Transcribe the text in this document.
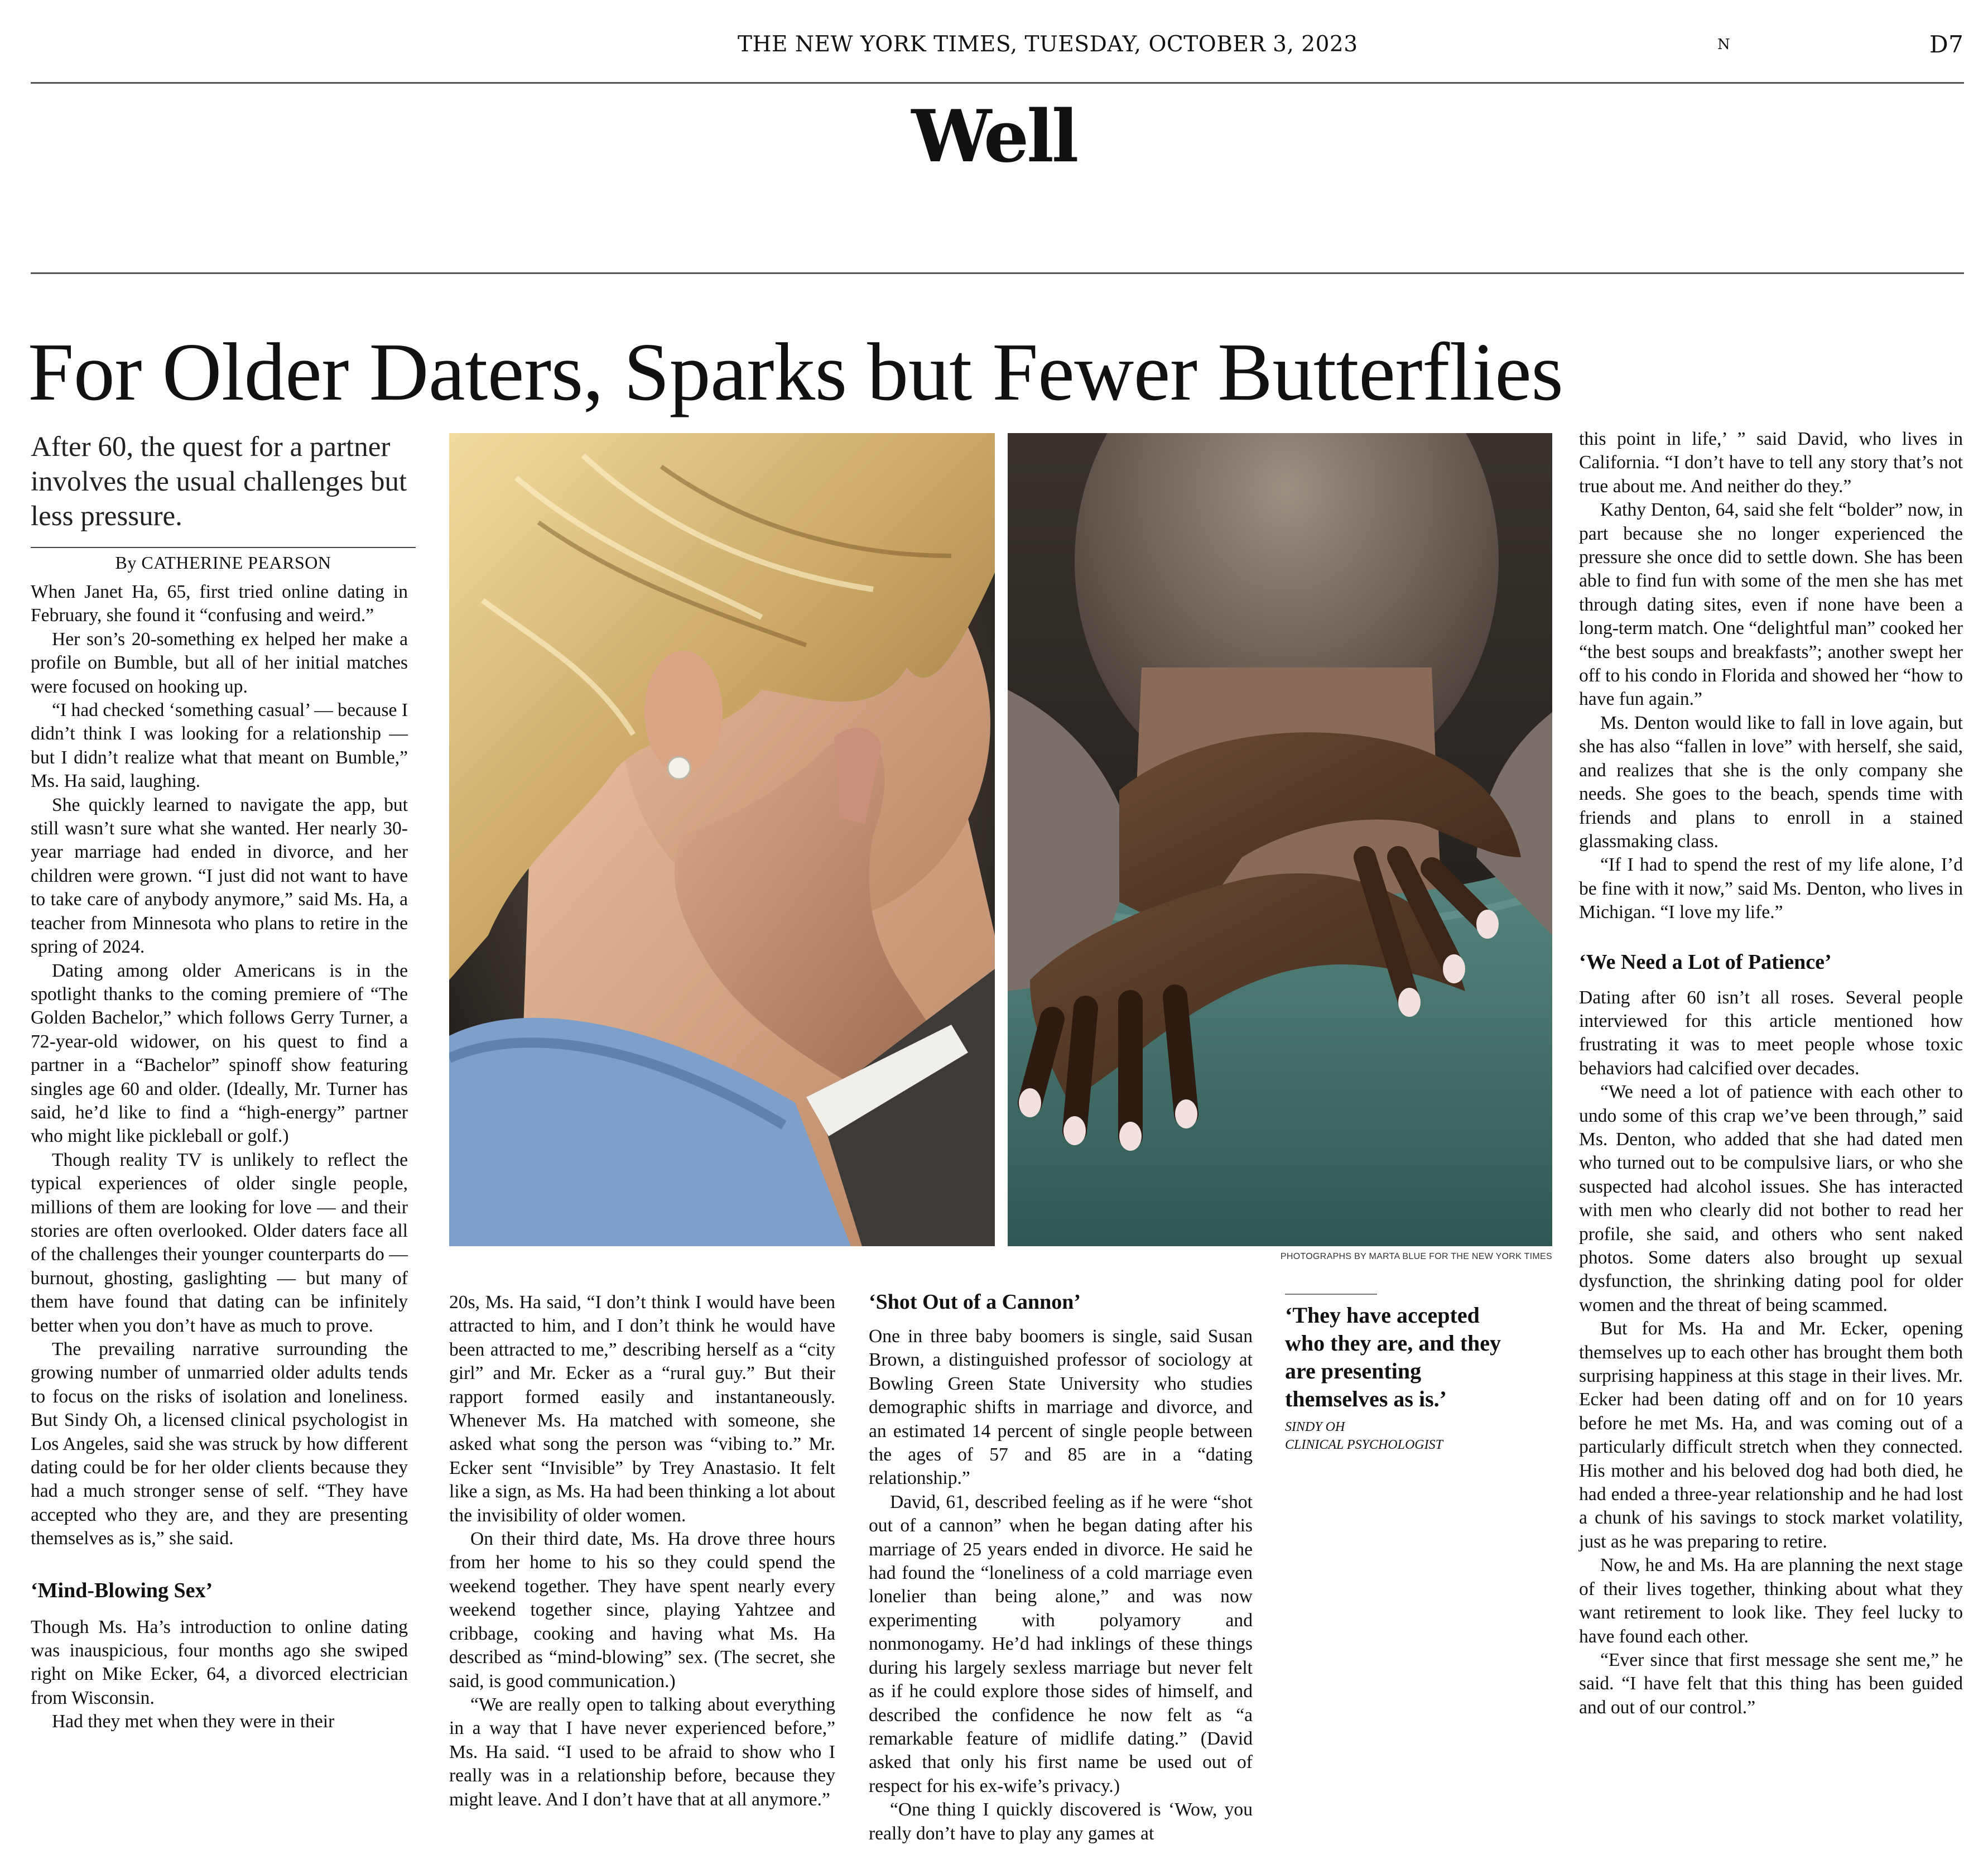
THE NEW YORK TIMES, TUESDAY, OCTOBER 3, 2023	N	D7
Well
For Older Daters, Sparks but Fewer Butterflies
After 60, the quest for a partner involves the usual challenges but less pressure.
By CATHERINE PEARSON

When Janet Ha, 65, first tried online dating in February, she found it “confusing and weird.”

Her son’s 20-something ex helped her make a profile on Bumble, but all of her initial matches were focused on hooking up.

“I had checked ‘something casual’ — because I didn’t think I was looking for a relationship — but I didn’t realize what that meant on Bumble,” Ms. Ha said, laughing.

She quickly learned to navigate the app, but still wasn’t sure what she wanted. Her nearly 30-year marriage had ended in divorce, and her children were grown. “I just did not want to have to take care of anybody anymore,” said Ms. Ha, a teacher from Minnesota who plans to retire in the spring of 2024.

Dating among older Americans is in the spotlight thanks to the coming premiere of “The Golden Bachelor,” which follows Gerry Turner, a 72-year-old widower, on his quest to find a partner in a “Bachelor” spinoff show featuring singles age 60 and older. (Ideally, Mr. Turner has said, he’d like to find a “high-energy” partner who might like pickleball or golf.)

Though reality TV is unlikely to reflect the typical experiences of older single people, millions of them are looking for love — and their stories are often overlooked. Older daters face all of the challenges their younger counterparts do — burnout, ghosting, gaslighting — but many of them have found that dating can be infinitely better when you don’t have as much to prove.

The prevailing narrative surrounding the growing number of unmarried older adults tends to focus on the risks of isolation and loneliness. But Sindy Oh, a licensed clinical psychologist in Los Angeles, said she was struck by how different dating could be for her older clients because they had a much stronger sense of self. “They have accepted who they are, and they are presenting themselves as is,” she said.

‘Mind-Blowing Sex’

Though Ms. Ha’s introduction to online dating was inauspicious, four months ago she swiped right on Mike Ecker, 64, a divorced electrician from Wisconsin.

Had they met when they were in their

PHOTOGRAPHS BY MARTA BLUE FOR THE NEW YORK TIMES

20s, Ms. Ha said, “I don’t think I would have been attracted to him, and I don’t think he would have been attracted to me,” describing herself as a “city girl” and Mr. Ecker as a “rural guy.” But their rapport formed easily and instantaneously. Whenever Ms. Ha matched with someone, she asked what song the person was “vibing to.” Mr. Ecker sent “Invisible” by Trey Anastasio. It felt like a sign, as Ms. Ha had been thinking a lot about the invisibility of older women.

On their third date, Ms. Ha drove three hours from her home to his so they could spend the weekend together. They have spent nearly every weekend together since, playing Yahtzee and cribbage, cooking and having what Ms. Ha described as “mind-blowing” sex. (The secret, she said, is good communication.)

“We are really open to talking about everything in a way that I have never experienced before,” Ms. Ha said. “I used to be afraid to show who I really was in a relationship before, because they might leave. And I don’t have that at all anymore.”

‘Shot Out of a Cannon’

One in three baby boomers is single, said Susan Brown, a distinguished professor of sociology at Bowling Green State University who studies demographic shifts in marriage and divorce, and an estimated 14 percent of single people between the ages of 57 and 85 are in a “dating relationship.”

David, 61, described feeling as if he were “shot out of a cannon” when he began dating after his marriage of 25 years ended in divorce. He said he had found the “loneliness of a cold marriage even lonelier than being alone,” and was now experimenting with polyamory and nonmonogamy. He’d had inklings of these things during his largely sexless marriage but never felt as if he could explore those sides of himself, and described the confidence he now felt as “a remarkable feature of midlife dating.” (David asked that only his first name be used out of respect for his ex-wife’s privacy.)

“One thing I quickly discovered is ‘Wow, you really don’t have to play any games at

‘They have accepted who they are, and they are presenting themselves as is.’
SINDY OH
CLINICAL PSYCHOLOGIST

this point in life,’ ” said David, who lives in California. “I don’t have to tell any story that’s not true about me. And neither do they.”

Kathy Denton, 64, said she felt “bolder” now, in part because she no longer experienced the pressure she once did to settle down. She has been able to find fun with some of the men she has met through dating sites, even if none have been a long-term match. One “delightful man” cooked her “the best soups and breakfasts”; another swept her off to his condo in Florida and showed her “how to have fun again.”

Ms. Denton would like to fall in love again, but she has also “fallen in love” with herself, she said, and realizes that she is the only company she needs. She goes to the beach, spends time with friends and plans to enroll in a stained glassmaking class.

“If I had to spend the rest of my life alone, I’d be fine with it now,” said Ms. Denton, who lives in Michigan. “I love my life.”

‘We Need a Lot of Patience’

Dating after 60 isn’t all roses. Several people interviewed for this article mentioned how frustrating it was to meet people whose toxic behaviors had calcified over decades.

“We need a lot of patience with each other to undo some of this crap we’ve been through,” said Ms. Denton, who added that she had dated men who turned out to be compulsive liars, or who she suspected had alcohol issues. She has interacted with men who clearly did not bother to read her profile, she said, and others who sent naked photos. Some daters also brought up sexual dysfunction, the shrinking dating pool for older women and the threat of being scammed.

But for Ms. Ha and Mr. Ecker, opening themselves up to each other has brought them both surprising happiness at this stage in their lives. Mr. Ecker had been dating off and on for 10 years before he met Ms. Ha, and was coming out of a particularly difficult stretch when they connected. His mother and his beloved dog had both died, he had ended a three-year relationship and he had lost a chunk of his savings to stock market volatility, just as he was preparing to retire.

Now, he and Ms. Ha are planning the next stage of their lives together, thinking about what they want retirement to look like. They feel lucky to have found each other.

“Ever since that first message she sent me,” he said. “I have felt that this thing has been guided and out of our control.”
